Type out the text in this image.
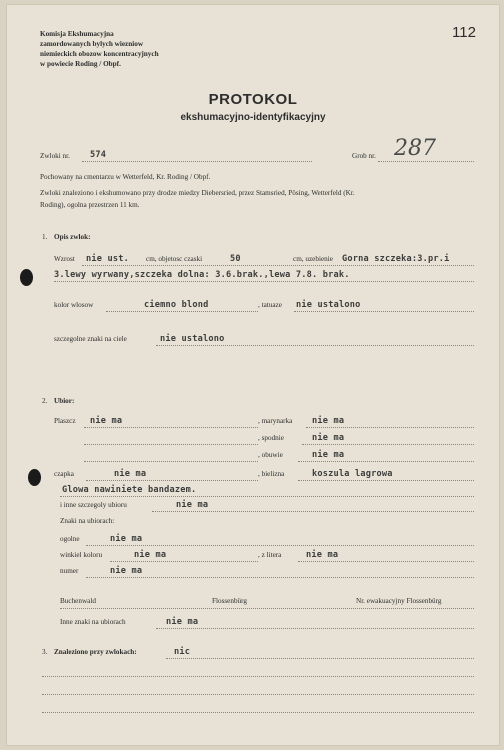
Komisja Ekshumacyjna
zamordowanych bylych wiezniow
niemieckich obozow koncentracyjnych
w powiecie Roding / Obpf.
112
PROTOKOL
ekshumacyjno-identyfikacyjny
Zwloki nr. 574	Grob nr. 287
Pochowany na cmentarzu w Wetterfeld, Kr. Roding / Obpf.
Zwloki znaleziono i ekshumowano przy drodze miedzy Diebersried, przez Stamsried, Pösing, Wetterfeld (Kr.
Roding), ogolna przestrzen 11 km.
1. Opis zwlok:
Wzrost nie ust. cm, objetosc czaski	50	cm, uzebienie Gorna szczeka:3.pr.i
3.lewy wyrwany,szczeka dolna: 3.6.brak.,lewa 7.8. brak.
kolor wlosow	ciemno blond	, tatuaze nie ustalono
szczegolne znaki na ciele	nie ustalono
2. Ubior:
Plaszcz nie ma	, marynarka nie ma
, spodnie	nie ma
, obuwie	nie ma
czapka	nie ma	, bielizna	koszula lagrowa
Glowa nawiniete bandazem.
i inne szczegoly ubioru	nie ma
Znaki na ubiorach:
ogolne	nie ma
winkiel koloru	nie ma	, z litera	nie ma
numer	nie ma
Buchenwald	Flossenbürg	Nr. ewakuacyjny Flossenbürg
Inne znaki na ubiorach	nie ma
3. Znaleziono przy zwlokach:	nic
